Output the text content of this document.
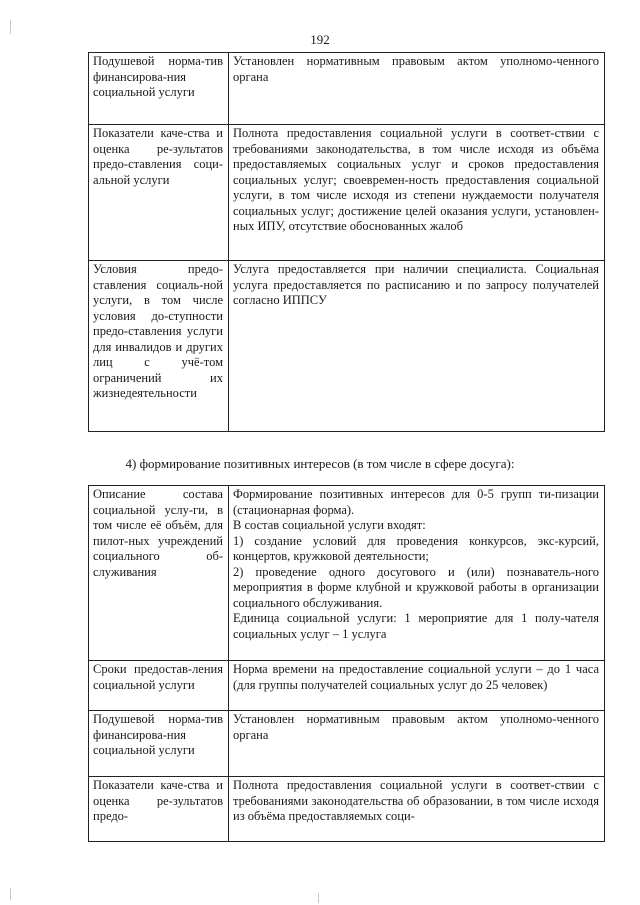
192
Подушевой норма-тив финансирова-ния социальной услуги	Установлен нормативным правовым актом уполномо-ченного органа
Показатели каче-ства и оценка ре-зультатов предо-ставления соци-альной услуги	Полнота предоставления социальной услуги в соответ-ствии с требованиями законодательства, в том числе исходя из объёма предоставляемых социальных услуг и сроков предоставления социальных услуг; своевремен-ность предоставления социальной услуги, в том числе исходя из степени нуждаемости получателя социальных услуг; достижение целей оказания услуги, установлен-ных ИПУ, отсутствие обоснованных жалоб
Условия предо-ставления социаль-ной услуги, в том числе условия до-ступности предо-ставления услуги для инвалидов и других лиц с учё-том ограничений их жизнедеятельности	Услуга предоставляется при наличии специалиста. Социальная услуга предоставляется по расписанию и по запросу получателей согласно ИППСУ
4) формирование позитивных интересов (в том числе в сфере досуга):
Описание состава социальной услу-ги, в том числе её объём, для пилот-ных учреждений социального об-служивания	Формирование позитивных интересов для 0-5 групп ти-пизации (стационарная форма).
В состав социальной услуги входят:
1) создание условий для проведения конкурсов, экс-курсий, концертов, кружковой деятельности;
2) проведение одного досугового и (или) познаватель-ного мероприятия в форме клубной и кружковой работы в организации социального обслуживания.
Единица социальной услуги: 1 мероприятие для 1 полу-чателя социальных услуг – 1 услуга

Сроки предостав-ления социальной услуги	Норма времени на предоставление социальной услуги – до 1 часа (для группы получателей социальных услуг до 25 человек)
Подушевой норма-тив финансирова-ния социальной услуги	Установлен нормативным правовым актом уполномо-ченного органа
Показатели каче-ства и оценка ре-зультатов предо-	Полнота предоставления социальной услуги в соответ-ствии с требованиями законодательства об образовании, в том числе исходя из объёма предоставляемых соци-
